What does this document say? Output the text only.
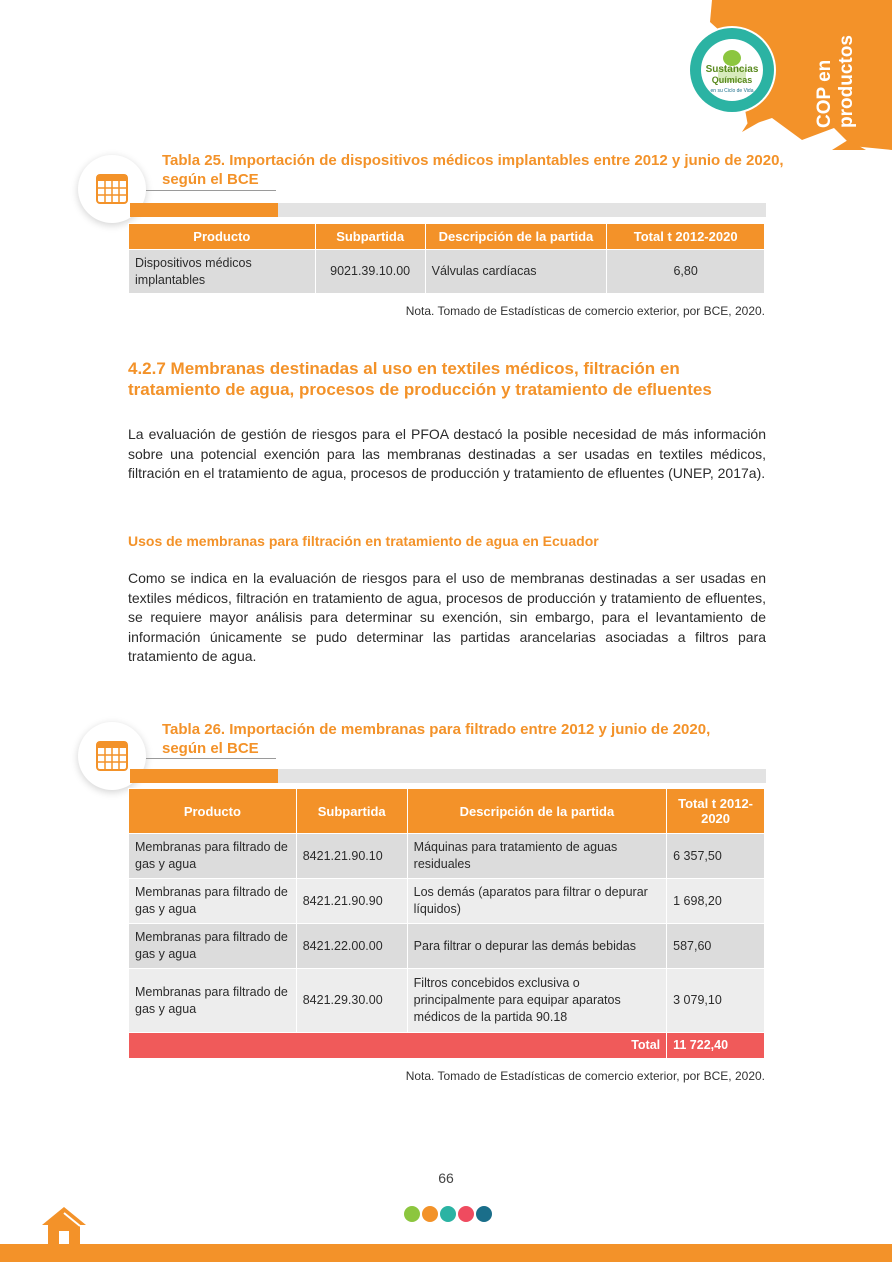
Sustancias
Químicas
en su Ciclo de Vida	COP en productos
Tabla 25. Importación de dispositivos médicos implantables entre 2012 y junio de 2020,
según el BCE
Producto	Subpartida	Descripción de la partida	Total t 2012-2020
Dispositivos médicos implantables	9021.39.10.00	Válvulas cardíacas	6,80
Nota. Tomado de Estadísticas de comercio exterior, por BCE, 2020.
4.2.7 Membranas destinadas al uso en textiles médicos, filtración en tratamiento de agua, procesos de producción y tratamiento de efluentes
La evaluación de gestión de riesgos para el PFOA destacó la posible necesidad de más información sobre una potencial exención para las membranas destinadas a ser usadas en textiles médicos, filtración en el tratamiento de agua, procesos de producción y tratamiento de efluentes (UNEP, 2017a).
Usos de membranas para filtración en tratamiento de agua en Ecuador
Como se indica en la evaluación de riesgos para el uso de membranas destinadas a ser usadas en textiles médicos, filtración en tratamiento de agua, procesos de producción y tratamiento de efluentes, se requiere mayor análisis para determinar su exención, sin embargo, para el levantamiento de información únicamente se pudo determinar las partidas arancelarias asociadas a filtros para tratamiento de agua.
Tabla 26. Importación de membranas para filtrado entre 2012 y junio de 2020,
según el BCE
Producto	Subpartida	Descripción de la partida	Total t 2012-2020
Membranas para filtrado de gas y agua	8421.21.90.10	Máquinas para tratamiento de aguas residuales	6 357,50
Membranas para filtrado de gas y agua	8421.21.90.90	Los demás (aparatos para filtrar o depurar líquidos)	1 698,20
Membranas para filtrado de gas y agua	8421.22.00.00	Para filtrar o depurar las demás bebidas	587,60
Membranas para filtrado de gas y agua	8421.29.30.00	Filtros concebidos exclusiva o principalmente para equipar aparatos médicos de la partida 90.18	3 079,10
Total			11 722,40
Nota. Tomado de Estadísticas de comercio exterior, por BCE, 2020.
66
